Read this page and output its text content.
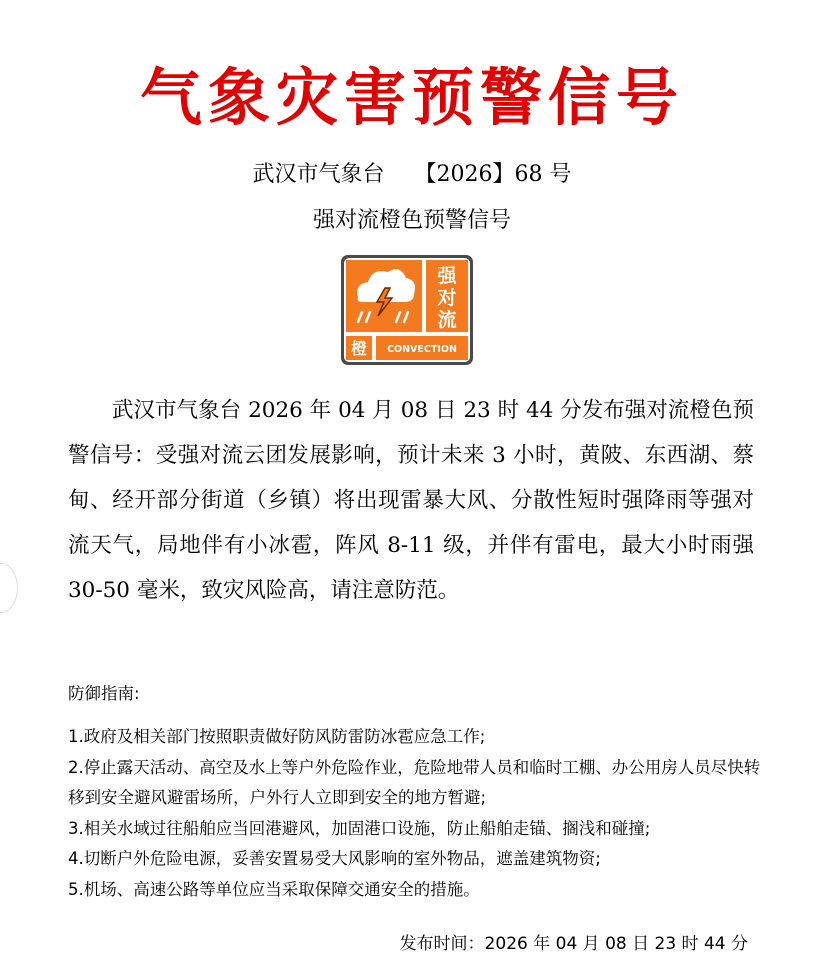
气象灾害预警信号
武汉市气象台 【2026】68 号
强对流橙色预警信号
强
对
流
橙 CONVECTION
武汉市气象台 2026 年 04 月 08 日 23 时 44 分发布强对流橙色预警信号：受强对流云团发展影响，预计未来 3 小时，黄陂、东西湖、蔡甸、经开部分街道（乡镇）将出现雷暴大风、分散性短时强降雨等强对流天气，局地伴有小冰雹，阵风 8-11 级，并伴有雷电，最大小时雨强 30-50 毫米，致灾风险高，请注意防范。
防御指南:
1.政府及相关部门按照职责做好防风防雷防冰雹应急工作;
2.停止露天活动、高空及水上等户外危险作业，危险地带人员和临时工棚、办公用房人员尽快转移到安全避风避雷场所，户外行人立即到安全的地方暂避;
3.相关水域过往船舶应当回港避风，加固港口设施，防止船舶走锚、搁浅和碰撞;
4.切断户外危险电源，妥善安置易受大风影响的室外物品，遮盖建筑物资;
5.机场、高速公路等单位应当采取保障交通安全的措施。
发布时间：2026 年 04 月 08 日 23 时 44 分
